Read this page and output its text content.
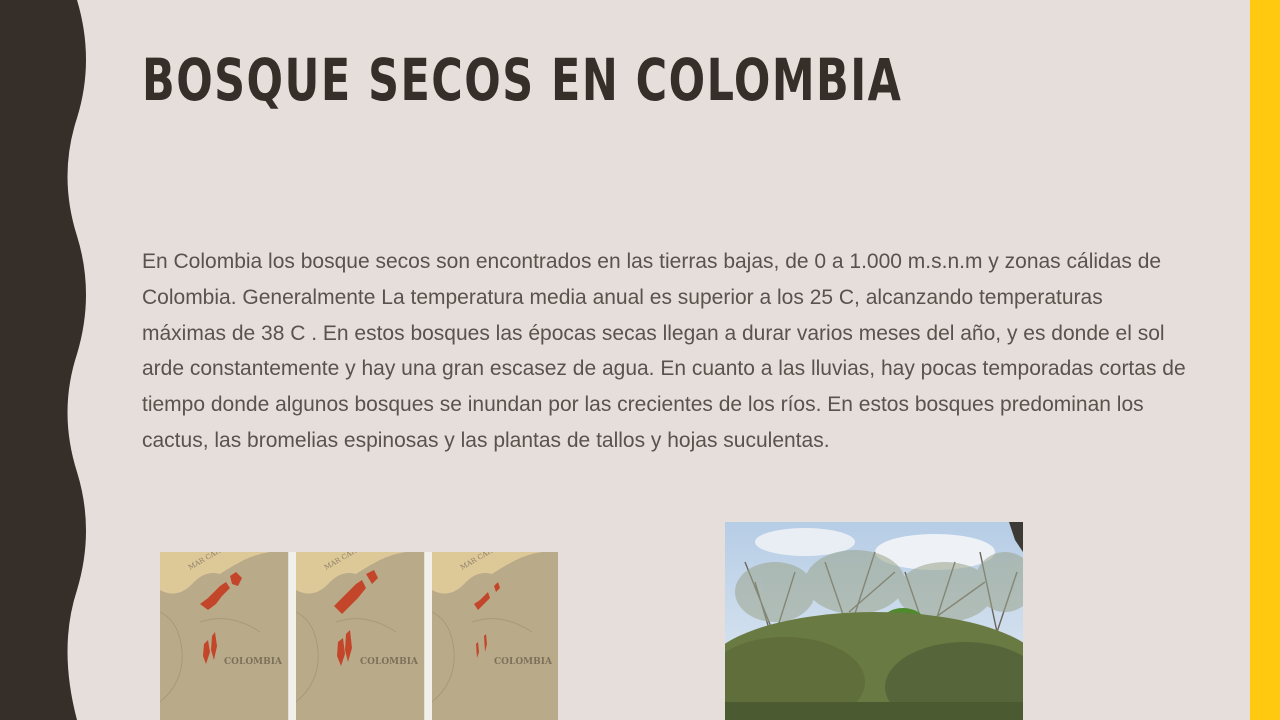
BOSQUE SECOS EN COLOMBIA

En Colombia los bosque secos son encontrados en las tierras bajas, de 0 a 1.000 m.s.n.m y zonas cálidas de Colombia. Generalmente La temperatura media anual es superior a los 25 C, alcanzando temperaturas máximas de 38 C . En estos bosques las épocas secas llegan a durar varios meses del año, y es donde el sol arde constantemente y hay una gran escasez de agua. En cuanto a las lluvias, hay pocas temporadas cortas de tiempo donde algunos bosques se inundan por las crecientes de los ríos. En estos bosques predominan los cactus, las bromelias espinosas y las plantas de tallos y hojas suculentas.

COLOMBIA	COLOMBIA	COLOMBIA
